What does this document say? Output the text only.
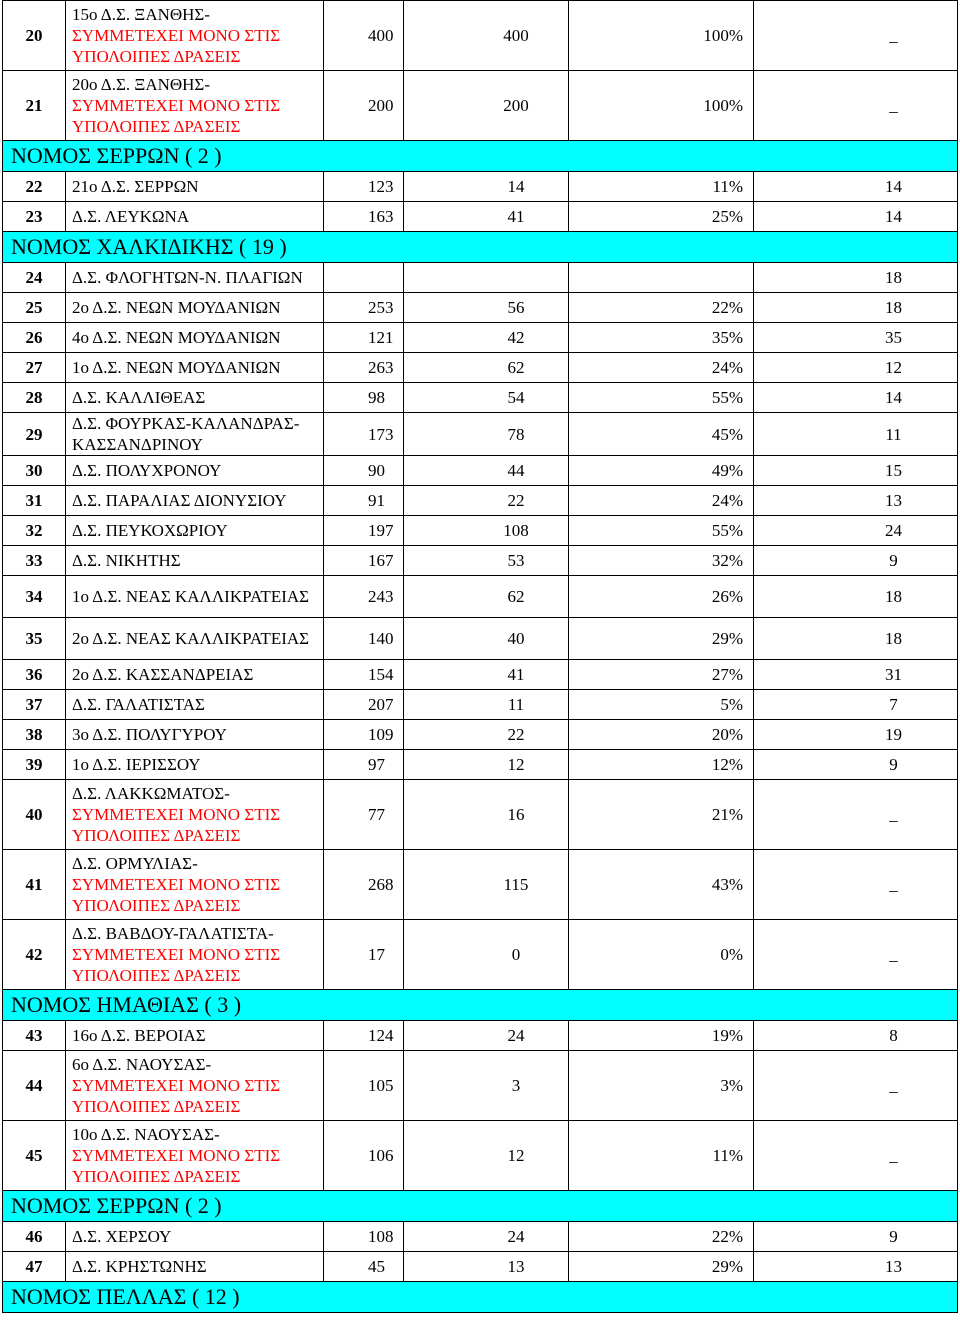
20	15ο Δ.Σ. ΞΑΝΘΗΣ-
ΣΥΜΜΕΤΕΧΕΙ ΜΟΝΟ ΣΤΙΣ ΥΠΟΛΟΙΠΕΣ ΔΡΑΣΕΙΣ	400	400	100%	_
21	20ο Δ.Σ. ΞΑΝΘΗΣ-
ΣΥΜΜΕΤΕΧΕΙ ΜΟΝΟ ΣΤΙΣ ΥΠΟΛΟΙΠΕΣ ΔΡΑΣΕΙΣ	200	200	100%	_
ΝΟΜΟΣ ΣΕΡΡΩΝ ( 2 )					
22	21ο Δ.Σ. ΣΕΡΡΩΝ	123	14	11%	14
23	Δ.Σ. ΛΕΥΚΩΝΑ	163	41	25%	14
ΝΟΜΟΣ ΧΑΛΚΙΔΙΚΗΣ ( 19 )					
24	Δ.Σ. ΦΛΟΓΗΤΩΝ-Ν. ΠΛΑΓΙΩΝ				18
25	2ο Δ.Σ. ΝΕΩΝ ΜΟΥΔΑΝΙΩΝ	253	56	22%	18
26	4ο Δ.Σ. ΝΕΩΝ ΜΟΥΔΑΝΙΩΝ	121	42	35%	35
27	1ο Δ.Σ. ΝΕΩΝ ΜΟΥΔΑΝΙΩΝ	263	62	24%	12
28	Δ.Σ. ΚΑΛΛΙΘΕΑΣ	98	54	55%	14
29	Δ.Σ. ΦΟΥΡΚΑΣ-ΚΑΛΑΝΔΡΑΣ-ΚΑΣΣΑΝΔΡΙΝΟΥ	173	78	45%	11
30	Δ.Σ. ΠΟΛΥΧΡΟΝΟΥ	90	44	49%	15
31	Δ.Σ. ΠΑΡΑΛΙΑΣ ΔΙΟΝΥΣΙΟΥ	91	22	24%	13
32	Δ.Σ. ΠΕΥΚΟΧΩΡΙΟΥ	197	108	55%	24
33	Δ.Σ. ΝΙΚΗΤΗΣ	167	53	32%	9
34	1ο Δ.Σ. ΝΕΑΣ ΚΑΛΛΙΚΡΑΤΕΙΑΣ	243	62	26%	18
35	2ο Δ.Σ. ΝΕΑΣ ΚΑΛΛΙΚΡΑΤΕΙΑΣ	140	40	29%	18
36	2ο Δ.Σ. ΚΑΣΣΑΝΔΡΕΙΑΣ	154	41	27%	31
37	Δ.Σ. ΓΑΛΑΤΙΣΤΑΣ	207	11	5%	7
38	3ο Δ.Σ. ΠΟΛΥΓΥΡΟΥ	109	22	20%	19
39	1ο Δ.Σ. ΙΕΡΙΣΣΟΥ	97	12	12%	9
40	Δ.Σ. ΛΑΚΚΩΜΑΤΟΣ-
ΣΥΜΜΕΤΕΧΕΙ ΜΟΝΟ ΣΤΙΣ ΥΠΟΛΟΙΠΕΣ ΔΡΑΣΕΙΣ	77	16	21%	_
41	Δ.Σ. ΟΡΜΥΛΙΑΣ-
ΣΥΜΜΕΤΕΧΕΙ ΜΟΝΟ ΣΤΙΣ ΥΠΟΛΟΙΠΕΣ ΔΡΑΣΕΙΣ	268	115	43%	_
42	Δ.Σ. ΒΑΒΔΟΥ-ΓΑΛΑΤΙΣΤΑ-
ΣΥΜΜΕΤΕΧΕΙ ΜΟΝΟ ΣΤΙΣ ΥΠΟΛΟΙΠΕΣ ΔΡΑΣΕΙΣ	17	0	0%	_
ΝΟΜΟΣ ΗΜΑΘΙΑΣ ( 3 )					
43	16ο Δ.Σ. ΒΕΡΟΙΑΣ	124	24	19%	8
44	6ο Δ.Σ. ΝΑΟΥΣΑΣ-
ΣΥΜΜΕΤΕΧΕΙ ΜΟΝΟ ΣΤΙΣ ΥΠΟΛΟΙΠΕΣ ΔΡΑΣΕΙΣ	105	3	3%	_
45	10ο Δ.Σ. ΝΑΟΥΣΑΣ-
ΣΥΜΜΕΤΕΧΕΙ ΜΟΝΟ ΣΤΙΣ ΥΠΟΛΟΙΠΕΣ ΔΡΑΣΕΙΣ	106	12	11%	_
ΝΟΜΟΣ ΣΕΡΡΩΝ ( 2 )					
46	Δ.Σ. ΧΕΡΣΟΥ	108	24	22%	9
47	Δ.Σ. ΚΡΗΣΤΩΝΗΣ	45	13	29%	13
ΝΟΜΟΣ ΠΕΛΛΑΣ ( 12 )					
